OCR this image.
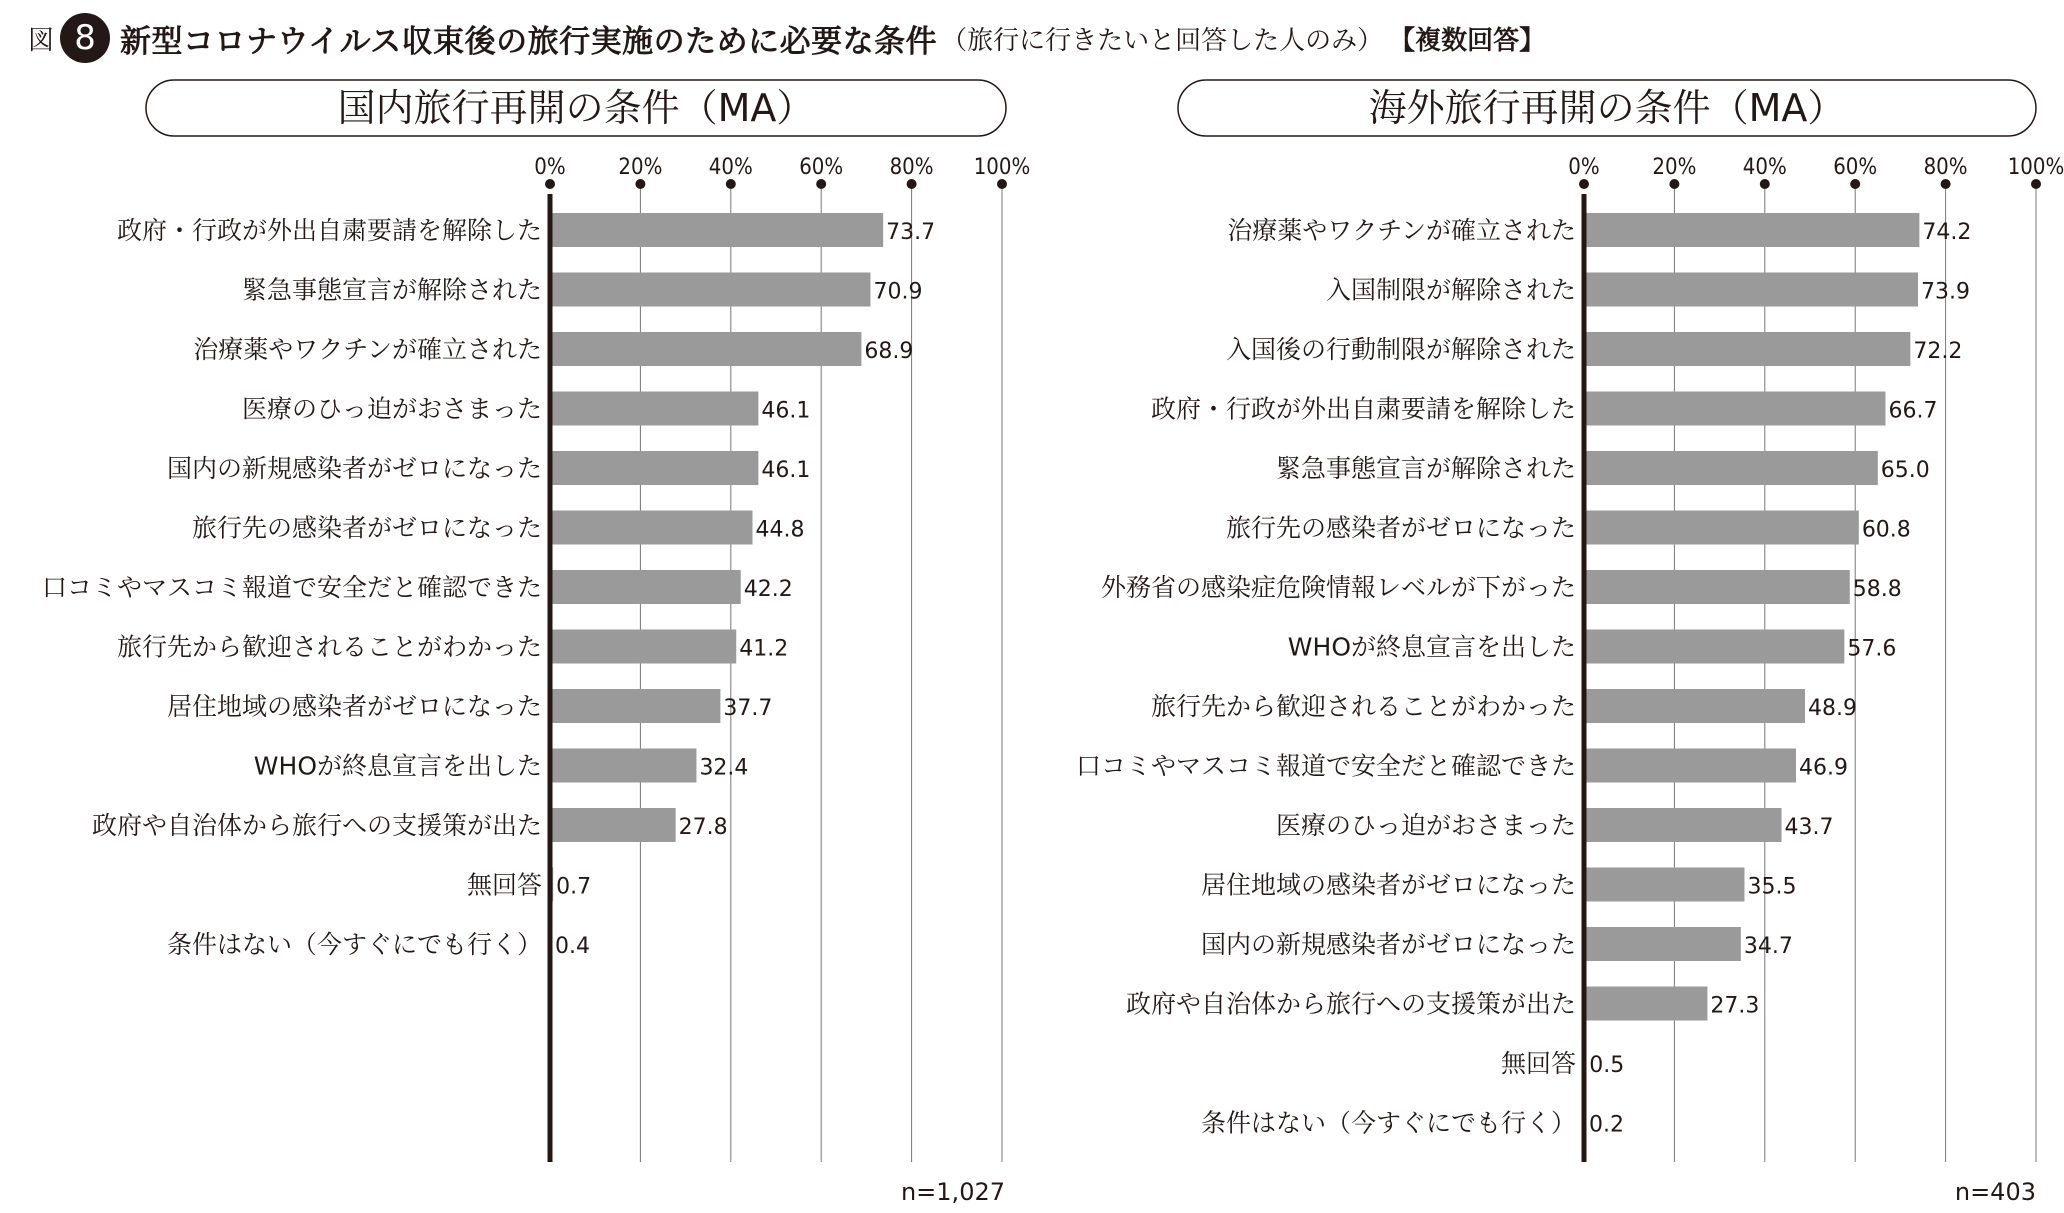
図 8 新型コロナウイルス収束後の旅行実施のために必要な条件 （旅行に行きたいと回答した人のみ） 【複数回答】
国内旅行再開の条件（MA）
0% 20% 40% 60% 80% 100%
政府・行政が外出自粛要請を解除した	73.7
緊急事態宣言が解除された	70.9
治療薬やワクチンが確立された	68.9
医療のひっ迫がおさまった	46.1
国内の新規感染者がゼロになった	46.1
旅行先の感染者がゼロになった	44.8
口コミやマスコミ報道で安全だと確認できた	42.2
旅行先から歓迎されることがわかった	41.2
居住地域の感染者がゼロになった	37.7
WHOが終息宣言を出した	32.4
政府や自治体から旅行への支援策が出た	27.8
無回答 0.7
条件はない（今すぐにでも行く） 0.4
n=1,027
海外旅行再開の条件（MA）
0% 20% 40% 60% 80% 100%
治療薬やワクチンが確立された	74.2
入国制限が解除された	73.9
入国後の行動制限が解除された	72.2
政府・行政が外出自粛要請を解除した	66.7
緊急事態宣言が解除された	65.0
旅行先の感染者がゼロになった	60.8
外務省の感染症危険情報レベルが下がった	58.8
WHOが終息宣言を出した	57.6
旅行先から歓迎されることがわかった	48.9
口コミやマスコミ報道で安全だと確認できた	46.9
医療のひっ迫がおさまった	43.7
居住地域の感染者がゼロになった	35.5
国内の新規感染者がゼロになった	34.7
政府や自治体から旅行への支援策が出た	27.3
無回答 0.5
条件はない（今すぐにでも行く） 0.2
n=403
